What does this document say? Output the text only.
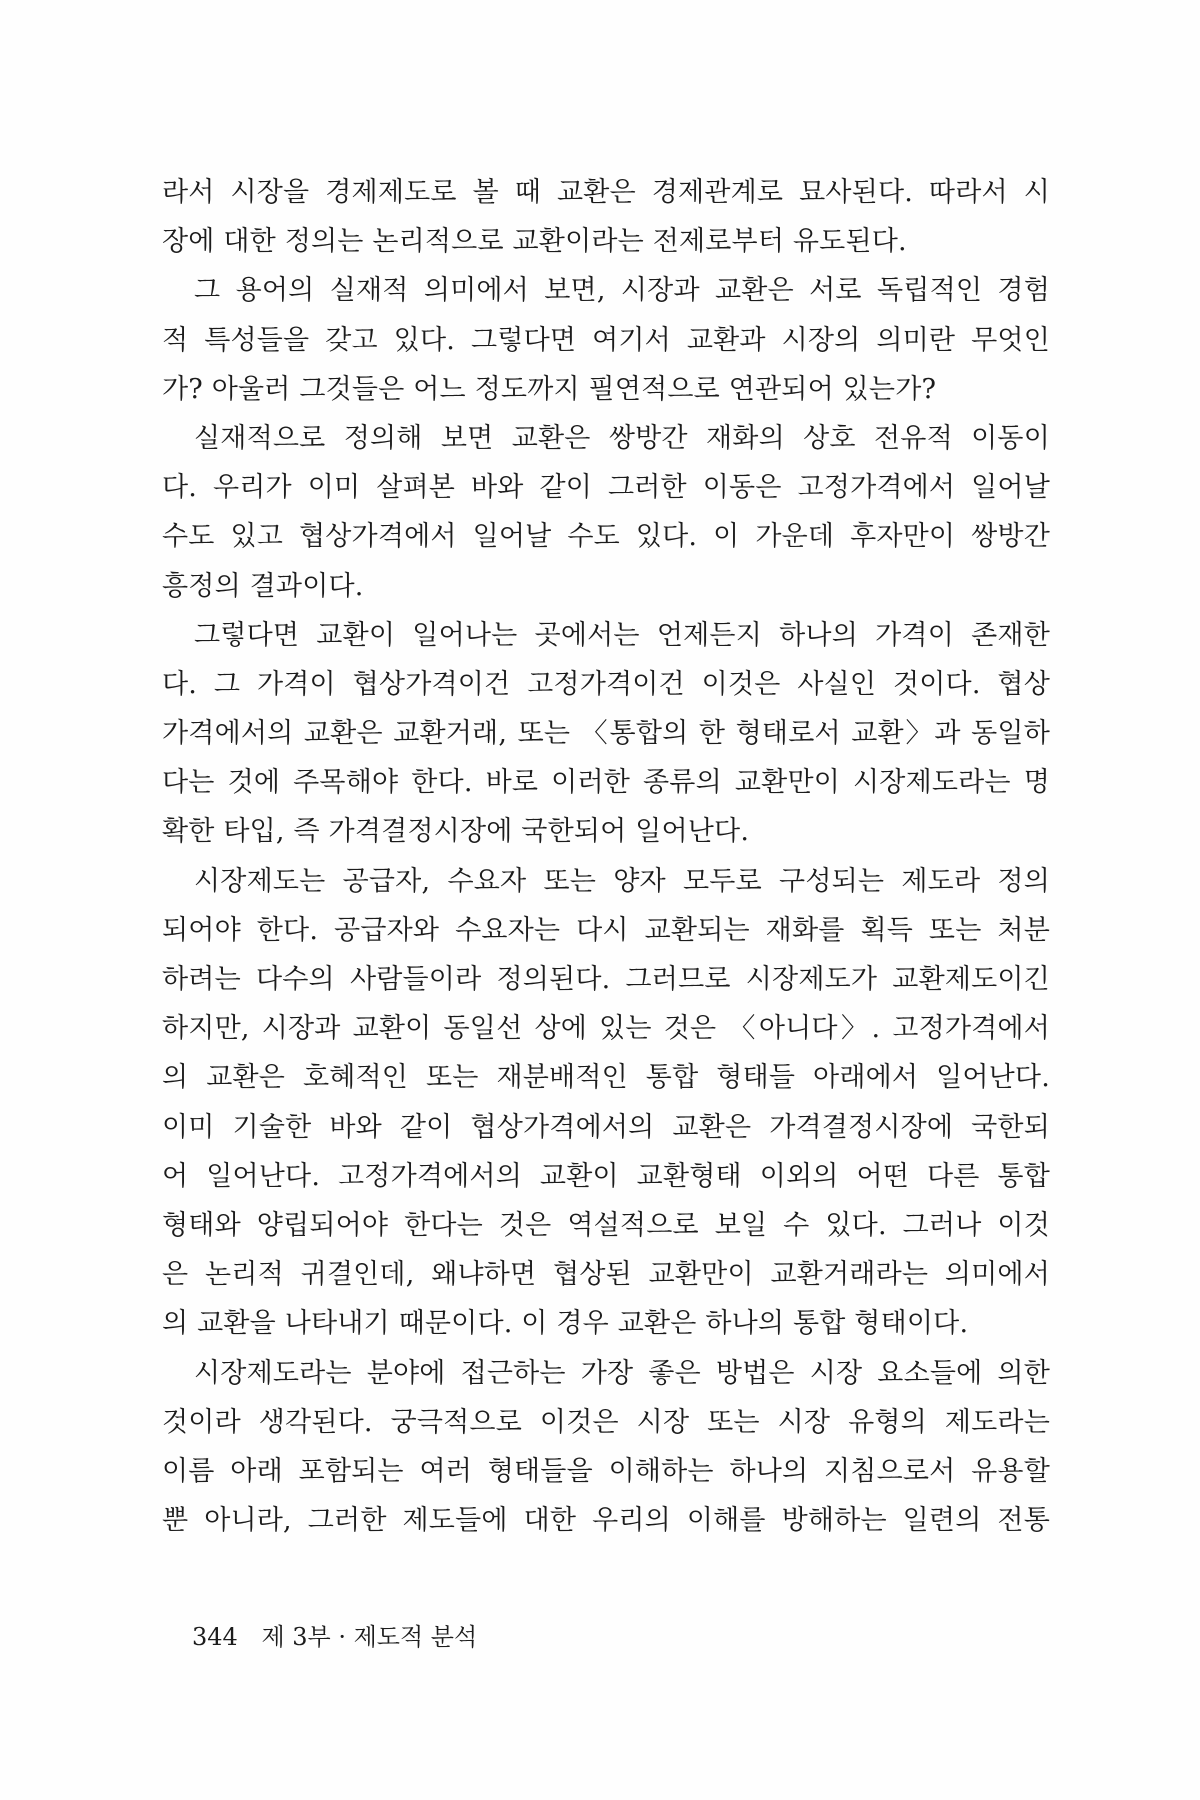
라서 시장을 경제제도로 볼 때 교환은 경제관계로 묘사된다. 따라서 시
장에 대한 정의는 논리적으로 교환이라는 전제로부터 유도된다.
그 용어의 실재적 의미에서 보면, 시장과 교환은 서로 독립적인 경험
적 특성들을 갖고 있다. 그렇다면 여기서 교환과 시장의 의미란 무엇인
가? 아울러 그것들은 어느 정도까지 필연적으로 연관되어 있는가?
실재적으로 정의해 보면 교환은 쌍방간 재화의 상호 전유적 이동이
다. 우리가 이미 살펴본 바와 같이 그러한 이동은 고정가격에서 일어날
수도 있고 협상가격에서 일어날 수도 있다. 이 가운데 후자만이 쌍방간
흥정의 결과이다.
그렇다면 교환이 일어나는 곳에서는 언제든지 하나의 가격이 존재한
다. 그 가격이 협상가격이건 고정가격이건 이것은 사실인 것이다. 협상
가격에서의 교환은 교환거래, 또는 〈통합의 한 형태로서 교환〉과 동일하
다는 것에 주목해야 한다. 바로 이러한 종류의 교환만이 시장제도라는 명
확한 타입, 즉 가격결정시장에 국한되어 일어난다.
시장제도는 공급자, 수요자 또는 양자 모두로 구성되는 제도라 정의
되어야 한다. 공급자와 수요자는 다시 교환되는 재화를 획득 또는 처분
하려는 다수의 사람들이라 정의된다. 그러므로 시장제도가 교환제도이긴
하지만, 시장과 교환이 동일선 상에 있는 것은 〈아니다〉. 고정가격에서
의 교환은 호혜적인 또는 재분배적인 통합 형태들 아래에서 일어난다.
이미 기술한 바와 같이 협상가격에서의 교환은 가격결정시장에 국한되
어 일어난다. 고정가격에서의 교환이 교환형태 이외의 어떤 다른 통합
형태와 양립되어야 한다는 것은 역설적으로 보일 수 있다. 그러나 이것
은 논리적 귀결인데, 왜냐하면 협상된 교환만이 교환거래라는 의미에서
의 교환을 나타내기 때문이다. 이 경우 교환은 하나의 통합 형태이다.
시장제도라는 분야에 접근하는 가장 좋은 방법은 시장 요소들에 의한
것이라 생각된다. 궁극적으로 이것은 시장 또는 시장 유형의 제도라는
이름 아래 포함되는 여러 형태들을 이해하는 하나의 지침으로서 유용할
뿐 아니라, 그러한 제도들에 대한 우리의 이해를 방해하는 일련의 전통
344 제 3부 · 제도적 분석
